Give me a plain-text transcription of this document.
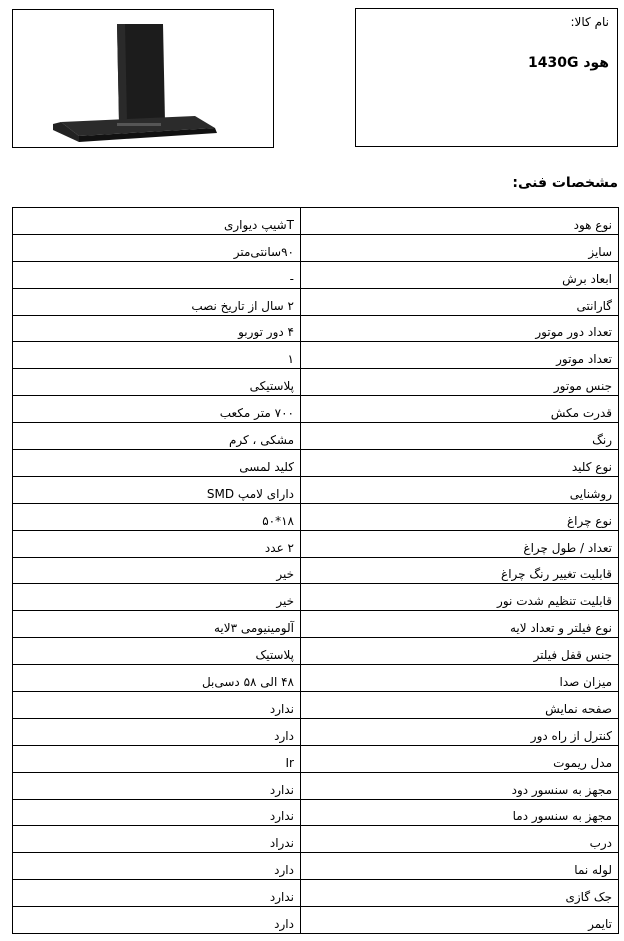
نام کالا:
هود 1430G
مشخصات فنی:
نوع هود	Tشیپ دیواری
سایز	۹۰سانتی‌متر
ابعاد برش	-
گارانتی	۲ سال از تاریخ نصب
تعداد دور موتور	۴ دور توربو
تعداد موتور	۱
جنس موتور	پلاستیکی
قدرت مکش	۷۰۰ متر مکعب
رنگ	مشکی ، کرم
نوع کلید	کلید لمسی
روشنایی	دارای لامپ SMD
نوع چراغ	۱۸*۵۰
تعداد / طول چراغ	۲ عدد
قابلیت تغییر رنگ چراغ	خیر
قابلیت تنظیم شدت نور	خیر
نوع فیلتر و تعداد لایه	آلومینیومی ۳لایه
جنس قفل فیلتر	پلاستیک
میزان صدا	۴۸ الی ۵۸ دسی‌بل
صفحه نمایش	ندارد
کنترل از راه دور	دارد
مدل ریموت	Ir
مجهز به سنسور دود	ندارد
مجهز به سنسور دما	ندارد
درب	ندراد
لوله نما	دارد
جک گازی	ندارد
تایمر	دارد
